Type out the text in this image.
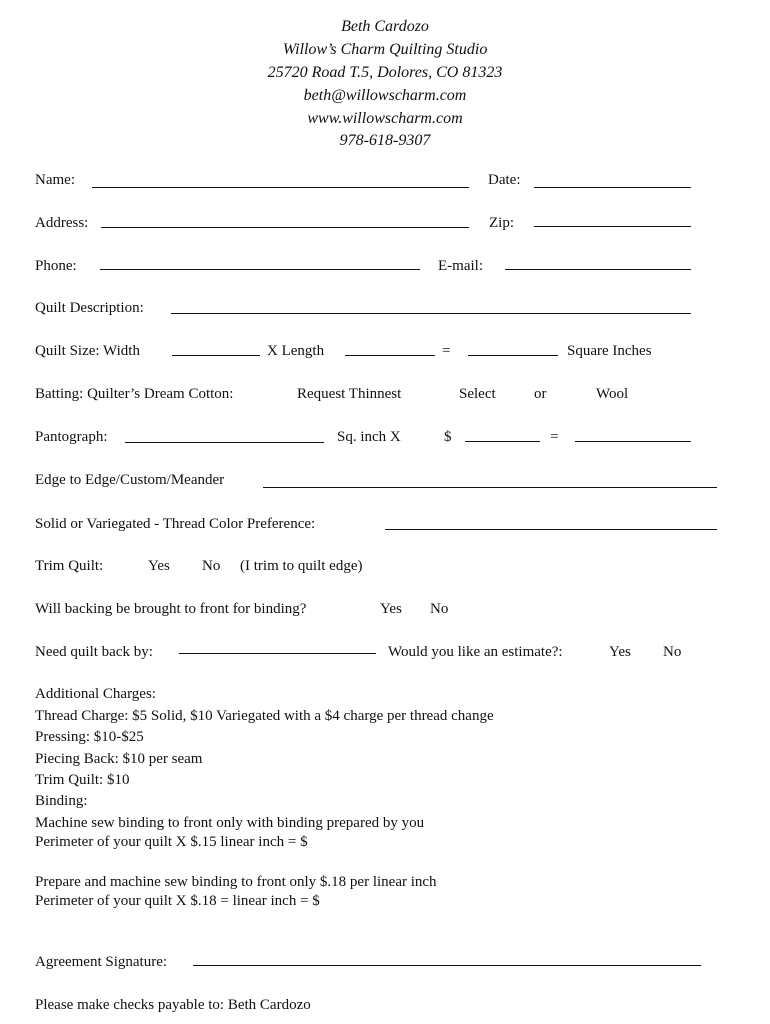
Beth Cardozo
Willow’s Charm Quilting Studio
25720 Road T.5, Dolores, CO 81323
beth@willowscharm.com
www.willowscharm.com
978-618-9307
Name:	Date:
Address:	Zip:
Phone:	E-mail:
Quilt Description:
Quilt Size: Width	X Length	=	Square Inches
Batting: Quilter’s Dream Cotton:	Request Thinnest	Select	or	Wool
Pantograph:	Sq. inch X	$	=
Edge to Edge/Custom/Meander
Solid or Variegated - Thread Color Preference:
Trim Quilt:	Yes No (I trim to quilt edge)
Will backing be brought to front for binding?	Yes No
Need quilt back by:	Would you like an estimate?:	Yes No
Additional Charges:
Thread Charge: $5 Solid, $10 Variegated with a $4 charge per thread change
Pressing: $10-$25
Piecing Back: $10 per seam
Trim Quilt: $10
Binding:
Machine sew binding to front only with binding prepared by you
Perimeter of your quilt X $.15 linear inch = $
Prepare and machine sew binding to front only $.18 per linear inch
Perimeter of your quilt X $.18 = linear inch = $
Agreement Signature:
Please make checks payable to: Beth Cardozo
